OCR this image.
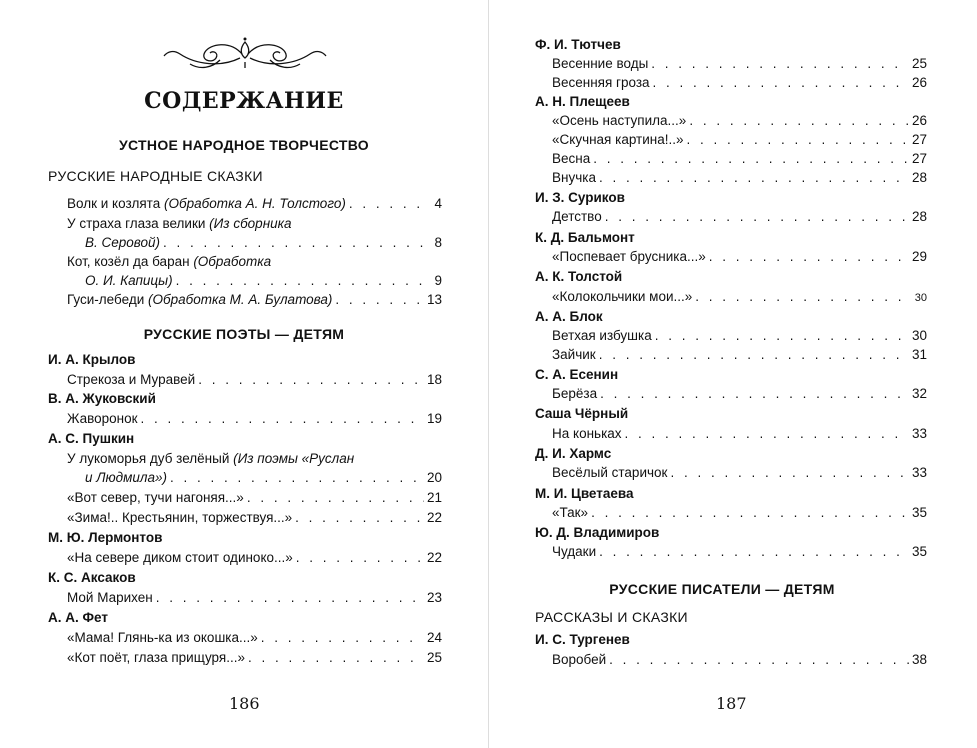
СОДЕРЖАНИЕ
УСТНОЕ НАРОДНОЕ ТВОРЧЕСТВО
РУССКИЕ НАРОДНЫЕ СКАЗКИ
Волк и козлята (Обработка А. Н. Толстого) . . .	4
У страха глаза велики (Из сборника
В. Серовой) . . .	8
Кот, козёл да баран (Обработка
О. И. Капицы) . . .	9
Гуси-лебеди (Обработка М. А. Булатова) . . .	13
РУССКИЕ ПОЭТЫ — ДЕТЯМ
И. А. Крылов
Стрекоза и Муравей . . .	18
В. А. Жуковский
Жаворонок . . .	19
А. С. Пушкин
У лукоморья дуб зелёный (Из поэмы «Руслан
и Людмила») . . .	20
«Вот север, тучи нагоняя...» . . .	21
«Зима!.. Крестьянин, торжествуя...» . . .	22
М. Ю. Лермонтов
«На севере диком стоит одиноко...» . . .	22
К. С. Аксаков
Мой Марихен . . .	23
А. А. Фет
«Мама! Глянь-ка из окошка...» . . .	24
«Кот поёт, глаза прищуря...» . . .	25
186
Ф. И. Тютчев
Весенние воды . . .	25
Весенняя гроза . . .	26
А. Н. Плещеев
«Осень наступила...» . . .	26
«Скучная картина!..» . . .	27
Весна . . .	27
Внучка . . .	28
И. З. Суриков
Детство . . .	28
К. Д. Бальмонт
«Поспевает брусника...» . . .	29
А. К. Толстой
«Колокольчики мои...» . . .	30
А. А. Блок
Ветхая избушка . . .	30
Зайчик . . .	31
С. А. Есенин
Берёза . . .	32
Саша Чёрный
На коньках . . .	33
Д. И. Хармс
Весёлый старичок . . .	33
М. И. Цветаева
«Так» . . .	35
Ю. Д. Владимиров
Чудаки . . .	35
РУССКИЕ ПИСАТЕЛИ — ДЕТЯМ
РАССКАЗЫ И СКАЗКИ
И. С. Тургенев
Воробей . . .	38
187
